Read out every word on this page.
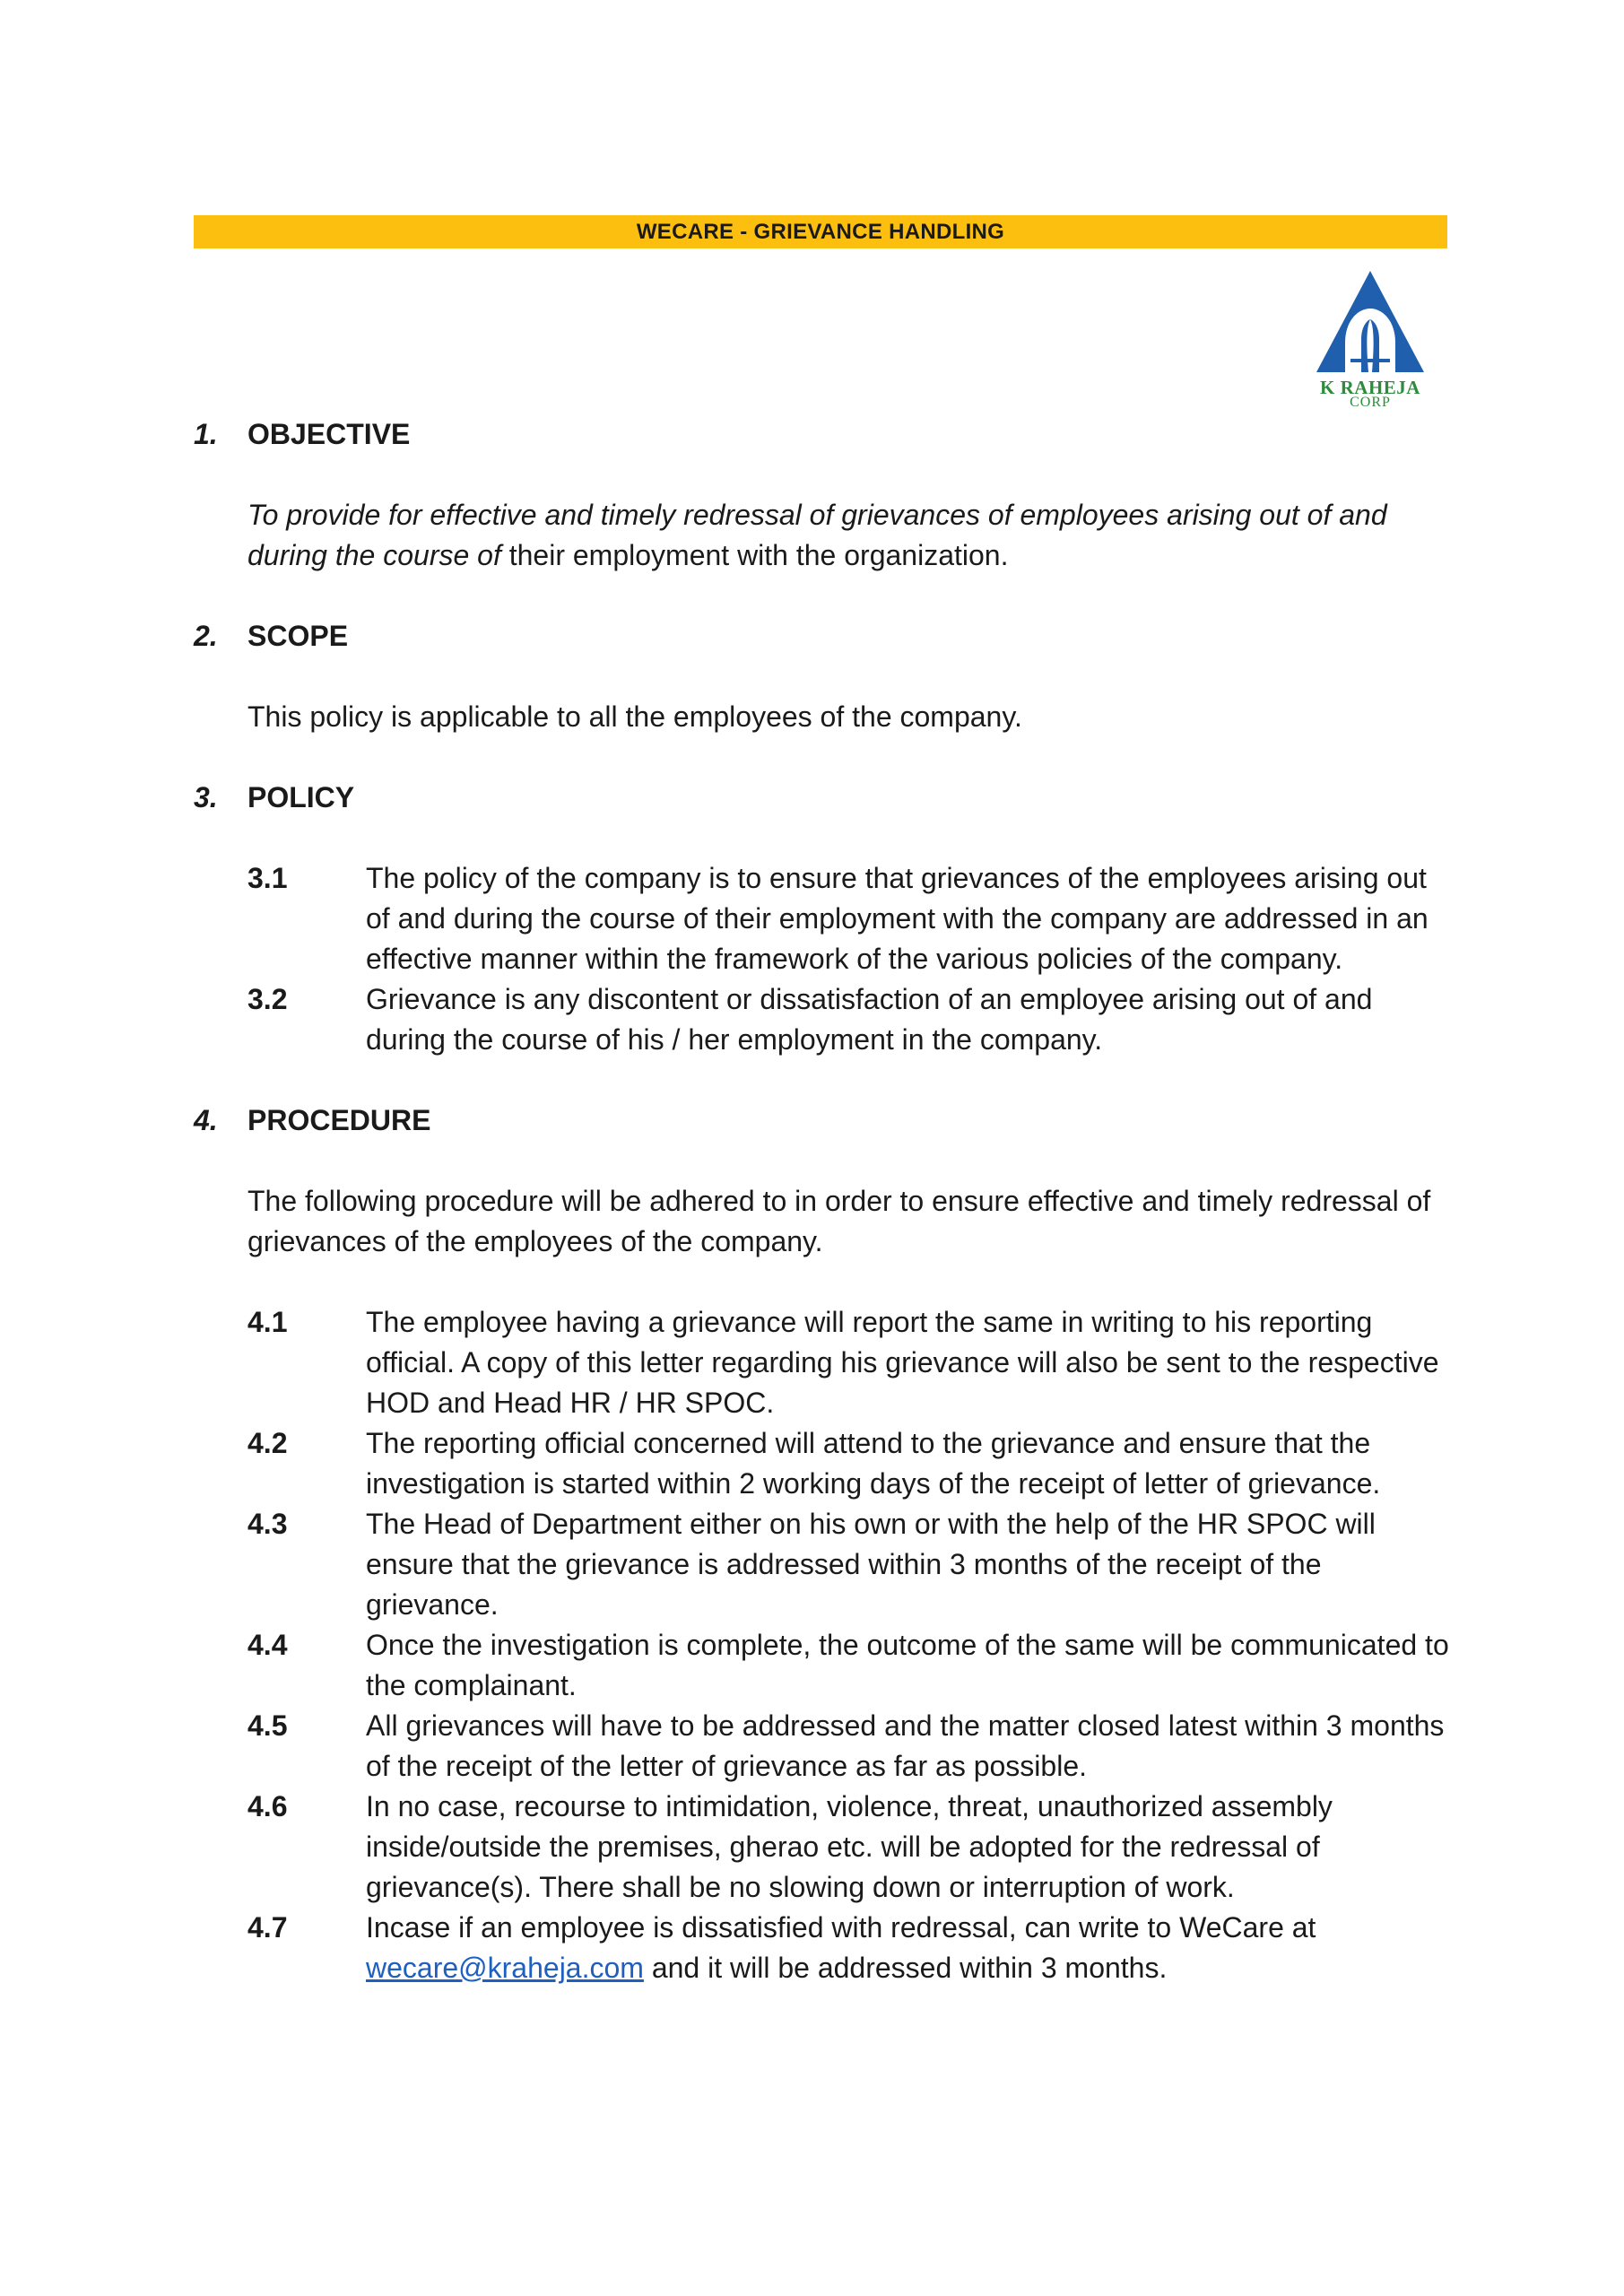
WECARE - GRIEVANCE HANDLING
K RAHEJA
CORP
1.	OBJECTIVE
To provide for effective and timely redressal of grievances of employees arising out of and during the course of their employment with the organization.
2.	SCOPE
This policy is applicable to all the employees of the company.
3.	POLICY
3.1	The policy of the company is to ensure that grievances of the employees arising out of and during the course of their employment with the company are addressed in an effective manner within the framework of the various policies of the company.
3.2	Grievance is any discontent or dissatisfaction of an employee arising out of and during the course of his / her employment in the company.
4.	PROCEDURE
The following procedure will be adhered to in order to ensure effective and timely redressal of grievances of the employees of the company.
4.1	The employee having a grievance will report the same in writing to his reporting official. A copy of this letter regarding his grievance will also be sent to the respective HOD and Head HR / HR SPOC.
4.2	The reporting official concerned will attend to the grievance and ensure that the investigation is started within 2 working days of the receipt of letter of grievance.
4.3	The Head of Department either on his own or with the help of the HR SPOC will ensure that the grievance is addressed within 3 months of the receipt of the grievance.
4.4	Once the investigation is complete, the outcome of the same will be communicated to the complainant.
4.5	All grievances will have to be addressed and the matter closed latest within 3 months of the receipt of the letter of grievance as far as possible.
4.6	In no case, recourse to intimidation, violence, threat, unauthorized assembly inside/outside the premises, gherao etc. will be adopted for the redressal of grievance(s). There shall be no slowing down or interruption of work.
4.7	Incase if an employee is dissatisfied with redressal, can write to WeCare at wecare@kraheja.com and it will be addressed within 3 months.
